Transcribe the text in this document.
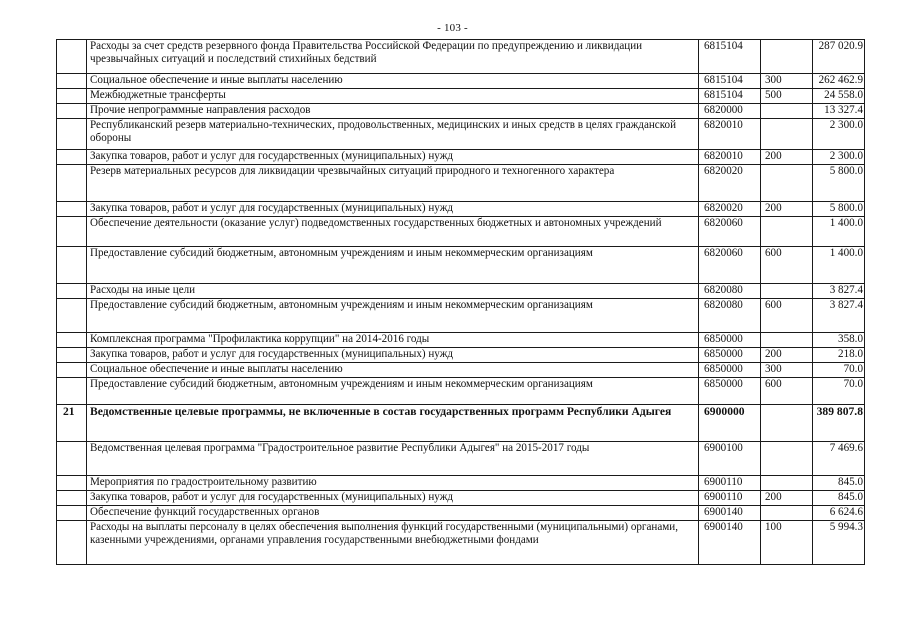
- 103 -
	Расходы за счет средств резервного фонда Правительства Российской Федерации по предупреждению и ликвидации чрезвычайных ситуаций и последствий стихийных бедствий	6815104		287 020.9
	Социальное обеспечение и иные выплаты населению	6815104	300	262 462.9
	Межбюджетные трансферты	6815104	500	24 558.0
	Прочие непрограммные направления расходов	6820000		13 327.4
	Республиканский резерв материально-технических, продовольственных, медицинских и иных средств в целях гражданской обороны	6820010		2 300.0
	Закупка товаров, работ и услуг для государственных (муниципальных) нужд	6820010	200	2 300.0
	Резерв материальных ресурсов для ликвидации чрезвычайных ситуаций природного и техногенного характера	6820020		5 800.0
	Закупка товаров, работ и услуг для государственных (муниципальных) нужд	6820020	200	5 800.0
	Обеспечение деятельности (оказание услуг) подведомственных государственных бюджетных и автономных учреждений	6820060		1 400.0
	Предоставление субсидий бюджетным, автономным учреждениям и иным некоммерческим организациям	6820060	600	1 400.0
	Расходы на иные цели	6820080		3 827.4
	Предоставление субсидий бюджетным, автономным учреждениям и иным некоммерческим организациям	6820080	600	3 827.4
	Комплексная программа "Профилактика коррупции" на 2014-2016 годы	6850000		358.0
	Закупка товаров, работ и услуг для государственных (муниципальных) нужд	6850000	200	218.0
	Социальное обеспечение и иные выплаты населению	6850000	300	70.0
	Предоставление субсидий бюджетным, автономным учреждениям и иным некоммерческим организациям	6850000	600	70.0
21	Ведомственные целевые программы, не включенные в состав государственных программ Республики Адыгея	6900000		389 807.8
	Ведомственная целевая программа "Градостроительное развитие Республики Адыгея" на 2015-2017 годы	6900100		7 469.6
	Мероприятия по градостроительному развитию	6900110		845.0
	Закупка товаров, работ и услуг для государственных (муниципальных) нужд	6900110	200	845.0
	Обеспечение функций государственных органов	6900140		6 624.6
	Расходы на выплаты персоналу в целях обеспечения выполнения функций государственными (муниципальными) органами, казенными учреждениями, органами управления государственными внебюджетными фондами	6900140	100	5 994.3
